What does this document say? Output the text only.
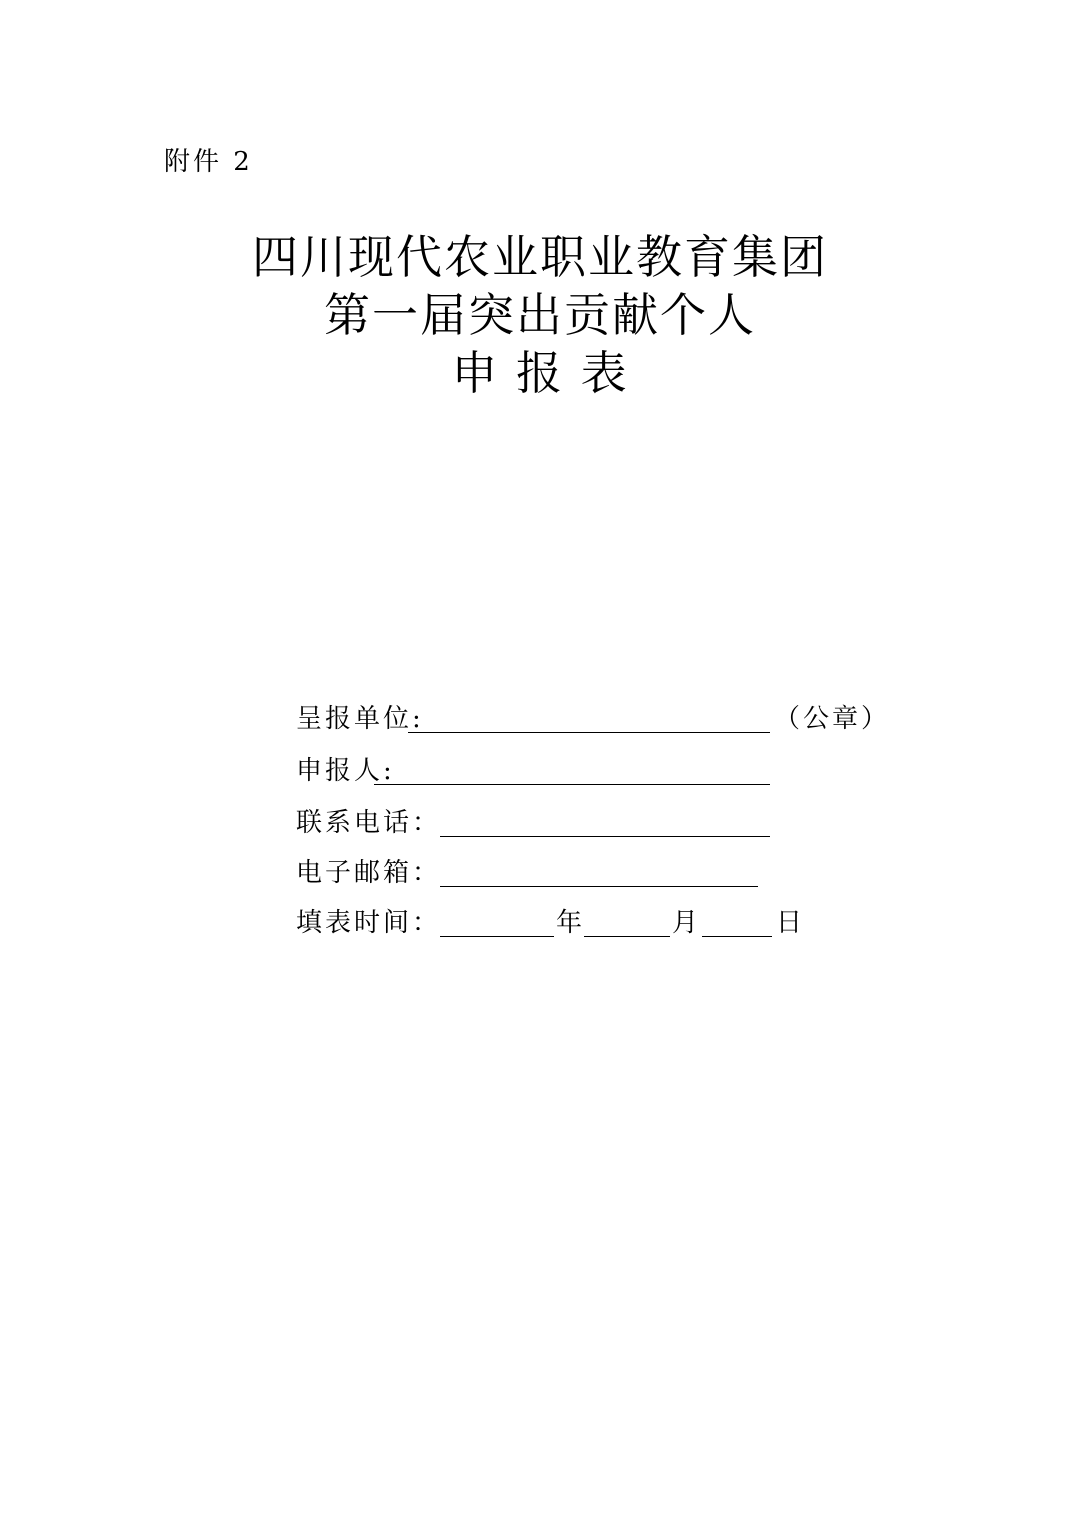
附件 2
四川现代农业职业教育集团
第一届突出贡献个人
申 报 表
呈报单位:	（公章）
申报人:
联系电话：
电子邮箱：
填表时间：	年	月	日
